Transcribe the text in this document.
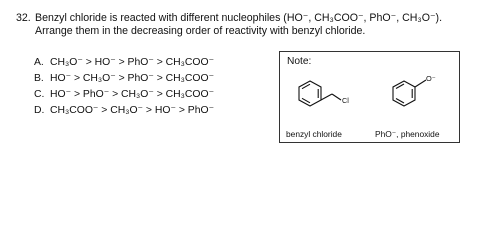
32. Benzyl chloride is reacted with different nucleophiles (HO⁻, CH₃COO⁻, PhO⁻, CH₃O⁻).
Arrange them in the decreasing order of reactivity with benzyl chloride.
A. CH₃O⁻ > HO⁻ > PhO⁻ > CH₃COO⁻
B. HO⁻ > CH₃O⁻ > PhO⁻ > CH₃COO⁻
C. HO⁻ > PhO⁻ > CH₃O⁻ > CH₃COO⁻
D. CH₃COO⁻ > CH₃O⁻ > HO⁻ > PhO⁻
Note:
Cl
benzyl chloride
O⁻
PhO⁻, phenoxide
